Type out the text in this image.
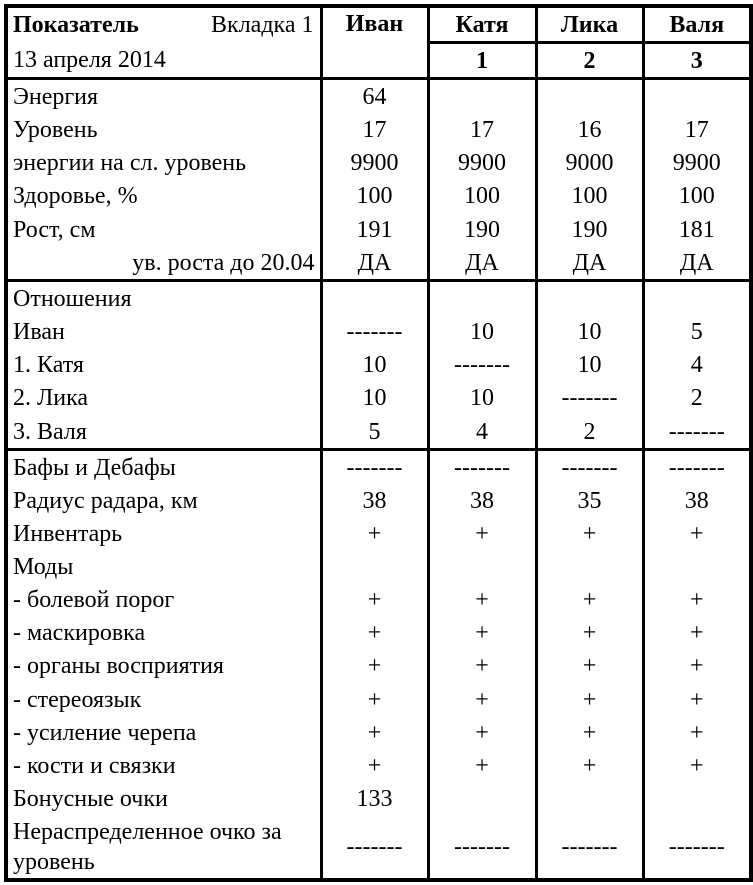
Показатель Вкладка 1	Иван	Катя	Лика	Валя
13 апреля 2014		1	2	3
Энергия	64			
Уровень	17	17	16	17
энергии на сл. уровень	9900	9900	9000	9900
Здоровье, %	100	100	100	100
Рост, см	191	190	190	181
ув. роста до 20.04	ДА	ДА	ДА	ДА
Отношения				
Иван	-------	10	10	5
1. Катя	10	-------	10	4
2. Лика	10	10	-------	2
3. Валя	5	4	2	-------
Бафы и Дебафы	-------	-------	-------	-------
Радиус радара, км	38	38	35	38
Инвентарь	+	+	+	+
Моды				
- болевой порог	+	+	+	+
- маскировка	+	+	+	+
- органы восприятия	+	+	+	+
- стереоязык	+	+	+	+
- усиление черепа	+	+	+	+
- кости и связки	+	+	+	+
Бонусные очки	133			
Нераспределенное очко за уровень	-------	-------	-------	-------
